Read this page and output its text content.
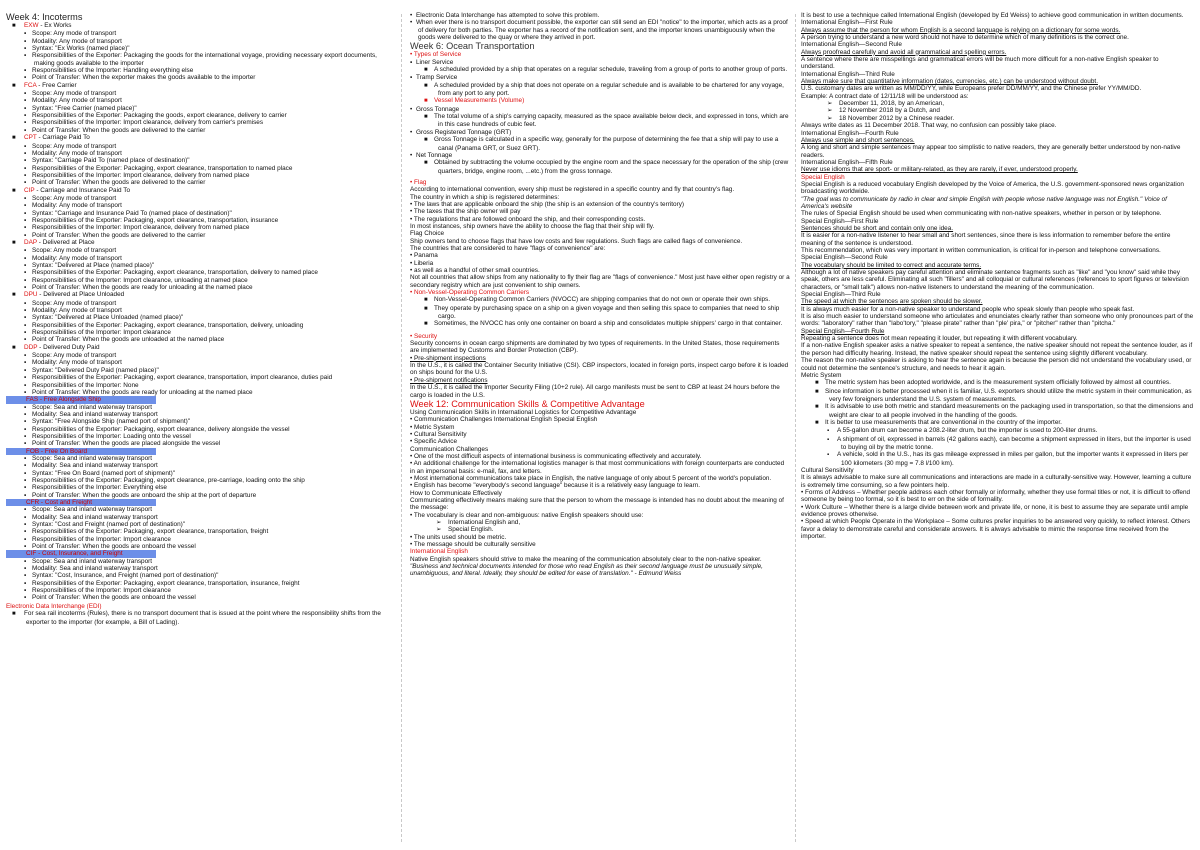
Week 4: Incoterms
■ EXW - Ex Works
▪ Scope: Any mode of transport
▪ Modality: Any mode of transport
▪ Syntax: "Ex Works (named place)"
▪ Responsibilities of the Exporter: Packaging the goods for the international voyage, providing necessary export documents, making goods available to the importer
▪ Responsibilities of the Importer: Handling everything else
▪ Point of Transfer: When the exporter makes the goods available to the importer
■ FCA - Free Carrier
▪ Scope: Any mode of transport
▪ Modality: Any mode of transport
▪ Syntax: "Free Carrier (named place)"
▪ Responsibilities of the Exporter: Packaging the goods, export clearance, delivery to carrier
▪ Responsibilities of the Importer: Import clearance, delivery from carrier's premises
▪ Point of Transfer: When the goods are delivered to the carrier
■ CPT - Carriage Paid To
▪ Scope: Any mode of transport
▪ Modality: Any mode of transport
▪ Syntax: "Carriage Paid To (named place of destination)"
▪ Responsibilities of the Exporter: Packaging, export clearance, transportation to named place
▪ Responsibilities of the Importer: Import clearance, delivery from named place
▪ Point of Transfer: When the goods are delivered to the carrier
■ CIP - Carriage and Insurance Paid To
▪ Scope: Any mode of transport
▪ Modality: Any mode of transport
▪ Syntax: "Carriage and Insurance Paid To (named place of destination)"
▪ Responsibilities of the Exporter: Packaging, export clearance, transportation, insurance
▪ Responsibilities of the Importer: Import clearance, delivery from named place
▪ Point of Transfer: When the goods are delivered to the carrier
■ DAP - Delivered at Place
▪ Scope: Any mode of transport
▪ Modality: Any mode of transport
▪ Syntax: "Delivered at Place (named place)"
▪ Responsibilities of the Exporter: Packaging, export clearance, transportation, delivery to named place
▪ Responsibilities of the Importer: Import clearance, unloading at named place
▪ Point of Transfer: When the goods are ready for unloading at the named place
■ DPU - Delivered at Place Unloaded
▪ Scope: Any mode of transport
▪ Modality: Any mode of transport
▪ Syntax: "Delivered at Place Unloaded (named place)"
▪ Responsibilities of the Exporter: Packaging, export clearance, transportation, delivery, unloading
▪ Responsibilities of the Importer: Import clearance
▪ Point of Transfer: When the goods are unloaded at the named place
■ DDP - Delivered Duty Paid
▪ Scope: Any mode of transport
▪ Modality: Any mode of transport
▪ Syntax: "Delivered Duty Paid (named place)"
▪ Responsibilities of the Exporter: Packaging, export clearance, transportation, import clearance, duties paid
▪ Responsibilities of the Importer: None
▪ Point of Transfer: When the goods are ready for unloading at the named place
FAS - Free Alongside Ship
▪ Scope: Sea and inland waterway transport
▪ Modality: Sea and inland waterway transport
▪ Syntax: "Free Alongside Ship (named port of shipment)"
▪ Responsibilities of the Exporter: Packaging, export clearance, delivery alongside the vessel
▪ Responsibilities of the Importer: Loading onto the vessel
▪ Point of Transfer: When the goods are placed alongside the vessel
FOB - Free On Board
▪ Scope: Sea and inland waterway transport
▪ Modality: Sea and inland waterway transport
▪ Syntax: "Free On Board (named port of shipment)"
▪ Responsibilities of the Exporter: Packaging, export clearance, pre-carriage, loading onto the ship
▪ Responsibilities of the Importer: Everything else
▪ Point of Transfer: When the goods are onboard the ship at the port of departure
CFR - Cost and Freight
▪ Scope: Sea and inland waterway transport
▪ Modality: Sea and inland waterway transport
▪ Syntax: "Cost and Freight (named port of destination)"
▪ Responsibilities of the Exporter: Packaging, export clearance, transportation, freight
▪ Responsibilities of the Importer: Import clearance
▪ Point of Transfer: When the goods are onboard the vessel
CIF - Cost, Insurance, and Freight
▪ Scope: Sea and inland waterway transport
▪ Modality: Sea and inland waterway transport
▪ Syntax: "Cost, Insurance, and Freight (named port of destination)"
▪ Responsibilities of the Exporter: Packaging, export clearance, transportation, insurance, freight
▪ Responsibilities of the Importer: Import clearance
▪ Point of Transfer: When the goods are onboard the vessel
Electronic Data Interchange (EDI)
■ For sea rail incoterms (Rules), there is no transport document that is issued at the point where the responsibility shifts from the exporter to the importer (for example, a Bill of Lading).
• Electronic Data Interchange has attempted to solve this problem.
• When ever there is no transport document possible, the exporter can still send an EDI "notice" to the importer, which acts as a proof of delivery for both parties. The exporter has a record of the notification sent, and the importer knows unambiguously when the goods were delivered to the quay or where they arrived in port.
Week 6: Ocean Transportation
• Types of Service
▪ Liner Service
■ A scheduled provided by a ship that operates on a regular schedule, traveling from a group of ports to another group of ports.
▪ Tramp Service
■ A scheduled provided by a ship that does not operate on a regular schedule and is available to be chartered for any voyage, from any port to any port.
■ Vessel Measurements (Volume)
• Gross Tonnage
■ The total volume of a ship's carrying capacity, measured as the space available below deck, and expressed in tons, which are in this case hundreds of cubic feet.
• Gross Registered Tonnage (GRT)
■ Gross Tonnage is calculated in a specific way, generally for the purpose of determining the fee that a ship will pay to use a canal (Panama GRT, or Suez GRT).
• Net Tonnage
■ Obtained by subtracting the volume occupied by the engine room and the space necessary for the operation of the ship (crew quarters, bridge, engine room, ...etc.) from the gross tonnage.
• Flag
According to international convention, every ship must be registered in a specific country and fly that country's flag.
The country in which a ship is registered determines:
• The laws that are applicable onboard the ship (the ship is an extension of the country's territory)
• The taxes that the ship owner will pay
• The regulations that are followed onboard the ship, and their corresponding costs.
In most instances, ship owners have the ability to choose the flag that their ship will fly.
Flag Choice
Ship owners tend to choose flags that have low costs and few regulations. Such flags are called flags of convenience.
The countries that are considered to have "flags of convenience" are:
• Panama
• Liberia
• as well as a handful of other small countries.
Not all countries that allow ships from any nationality to fly their flag are "flags of convenience." Most just have either open registry or a secondary registry which are just convenient to ship owners.
• Non-Vessel-Operating Common Carriers
■ Non-Vessel-Operating Common Carriers (NVOCC) are shipping companies that do not own or operate their own ships.
■ They operate by purchasing space on a ship on a given voyage and then selling this space to companies that need to ship cargo.
■ Sometimes, the NVOCC has only one container on board a ship and consolidates multiple shippers' cargo in that container.
• Security
Security concerns in ocean cargo shipments are dominated by two types of requirements. In the United States, those requirements are implemented by Customs and Border Protection (CBP).
• Pre-shipment inspections
In the U.S., it is called the Container Security Initiative (CSI). CBP inspectors, located in foreign ports, inspect cargo before it is loaded on ships bound for the U.S.
• Pre-shipment notifications
In the U.S., it is called the Importer Security Filing (10+2 rule). All cargo manifests must be sent to CBP at least 24 hours before the cargo is loaded in the U.S.
Week 12: Communication Skills & Competitive Advantage
Using Communication Skills in International Logistics for Competitive Advantage
• Communication Challenges International English Special English
• Metric System
• Cultural Sensitivity
• Specific Advice
Communication Challenges
• One of the most difficult aspects of international business is communicating effectively and accurately.
• An additional challenge for the international logistics manager is that most communications with foreign counterparts are conducted in an impersonal basis: e-mail, fax, and letters.
• Most international communications take place in English, the native language of only about 5 percent of the world's population.
• English has become "everybody's second language" because it is a relatively easy language to learn.
How to Communicate Effectively
Communicating effectively means making sure that the person to whom the message is intended has no doubt about the meaning of the message:
• The vocabulary is clear and non-ambiguous: native English speakers should use:
➢ International English and,
➢ Special English.
• The units used should be metric.
• The message should be culturally sensitive
International English
Native English speakers should strive to make the meaning of the communication absolutely clear to the non-native speaker.
"Business and technical documents intended for those who read English as their second language must be unusually simple, unambiguous, and literal. Ideally, they should be edited for ease of translation." - Edmund Weiss
It is best to use a technique called International English (developed by Ed Weiss) to achieve good communication in written documents.
International English—First Rule
Always assume that the person for whom English is a second language is relying on a dictionary for some words.
A person trying to understand a new word should not have to determine which of many definitions is the correct one.
International English—Second Rule
Always proofread carefully and avoid all grammatical and spelling errors.
A sentence where there are misspellings and grammatical errors will be much more difficult for a non-native English speaker to understand.
International English—Third Rule
Always make sure that quantitative information (dates, currencies, etc.) can be understood without doubt.
U.S. customary dates are written as MM/DD/YY, while Europeans prefer DD/MM/YY, and the Chinese prefer YY/MM/DD.
Example: A contract date of 12/11/18 will be understood as:
➢ December 11, 2018, by an American,
➢ 12 November 2018 by a Dutch, and
➢ 18 November 2012 by a Chinese reader.
Always write dates as 11 December 2018. That way, no confusion can possibly take place.
International English—Fourth Rule
Always use simple and short sentences.
A long and short and simple sentences may appear too simplistic to native readers, they are generally better understood by non-native readers.
International English—Fifth Rule
Never use idioms that are sport- or military-related, as they are rarely, if ever, understood properly.
Special English
Special English is a reduced vocabulary English developed by the Voice of America, the U.S. government-sponsored news organization broadcasting worldwide.
"The goal was to communicate by radio in clear and simple English with people whose native language was not English." Voice of America's website
The rules of Special English should be used when communicating with non-native speakers, whether in person or by telephone.
Special English—First Rule
Sentences should be short and contain only one idea.
It is easier for a non-native listener to hear small and short sentences, since there is less information to remember before the entire meaning of the sentence is understood.
This recommendation, which was very important in written communication, is critical for in-person and telephone conversations.
Special English—Second Rule
The vocabulary should be limited to correct and accurate terms.
Although a lot of native speakers pay careful attention and eliminate sentence fragments such as "like" and "you know" said while they speak, others are less careful. Eliminating all such "fillers" and all colloquial or cultural references (references to sport figures or television characters, or "small talk") allows non-native listeners to understand the meaning of the communication.
Special English—Third Rule
The speed at which the sentences are spoken should be slower.
It is always much easier for a non-native speaker to understand people who speak slowly than people who speak fast.
It is also much easier to understand someone who articulates and enunciates clearly rather than someone who only pronounces part of the words: "laboratory" rather than "labo'tory," "please pirate" rather than "ple' pira," or "pitcher" rather than "pitcha."
Special English—Fourth Rule
Repeating a sentence does not mean repeating it louder, but repeating it with different vocabulary.
If a non-native English speaker asks a native speaker to repeat a sentence, the native speaker should not repeat the sentence louder, as if the person had difficulty hearing. Instead, the native speaker should repeat the sentence using slightly different vocabulary.
The reason the non-native speaker is asking to hear the sentence again is because the person did not understand the vocabulary used, or could not determine the sentence's structure, and needs to hear it again.
Metric System
■ The metric system has been adopted worldwide, and is the measurement system officially followed by almost all countries.
■ Since information is better processed when it is familiar, U.S. exporters should utilize the metric system in their communication, as very few foreigners understand the U.S. system of measurements.
■ It is advisable to use both metric and standard measurements on the packaging used in transportation, so that the dimensions and weight are clear to all people involved in the handling of the goods.
■ It is better to use measurements that are conventional in the country of the importer.
▪ A 55-gallon drum can become a 208.2-liter drum, but the importer is used to 200-liter drums.
▪ A shipment of oil, expressed in barrels (42 gallons each), can become a shipment expressed in liters, but the importer is used to buying oil by the metric tonne.
▪ A vehicle, sold in the U.S., has its gas mileage expressed in miles per gallon, but the importer wants it expressed in liters per 100 kilometers (30 mpg = 7.8 l/100 km).
Cultural Sensitivity
It is always advisable to make sure all communications and interactions are made in a culturally-sensitive way. However, learning a culture is extremely time consuming, so a few pointers help.
• Forms of Address – Whether people address each other formally or informally, whether they use formal titles or not, it is difficult to offend someone by being too formal, so it is best to err on the side of formality.
• Work Culture – Whether there is a large divide between work and private life, or none, it is best to assume they are separate until ample evidence proves otherwise.
• Speed at which People Operate in the Workplace – Some cultures prefer inquiries to be answered very quickly, to reflect interest. Others favor a delay to demonstrate careful and considerate answers. It is always advisable to mimic the response time received from the importer.
